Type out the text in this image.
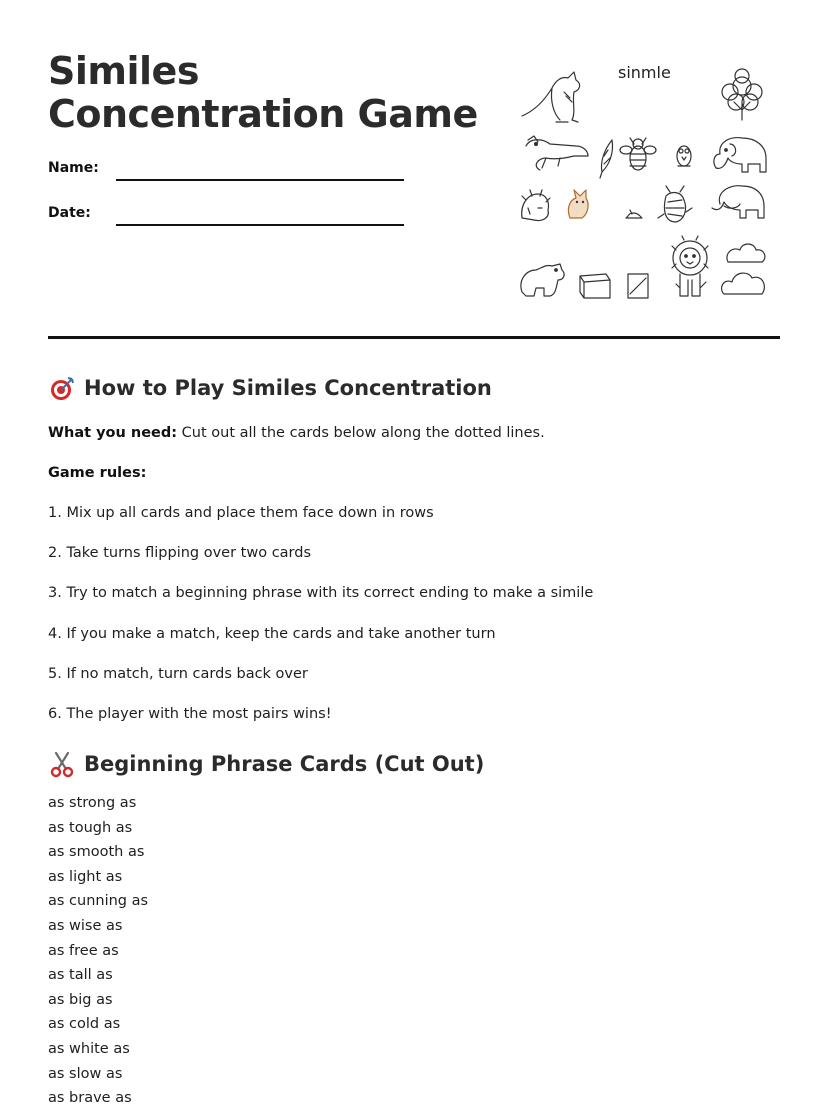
Similes Concentration Game
Name:
Date:
sinmle
How to Play Similes Concentration
What you need: Cut out all the cards below along the dotted lines.
Game rules:
1. Mix up all cards and place them face down in rows
2. Take turns flipping over two cards
3. Try to match a beginning phrase with its correct ending to make a simile
4. If you make a match, keep the cards and take another turn
5. If no match, turn cards back over
6. The player with the most pairs wins!
Beginning Phrase Cards (Cut Out)
as strong as
as tough as
as smooth as
as light as
as cunning as
as wise as
as free as
as tall as
as big as
as cold as
as white as
as slow as
as brave as
